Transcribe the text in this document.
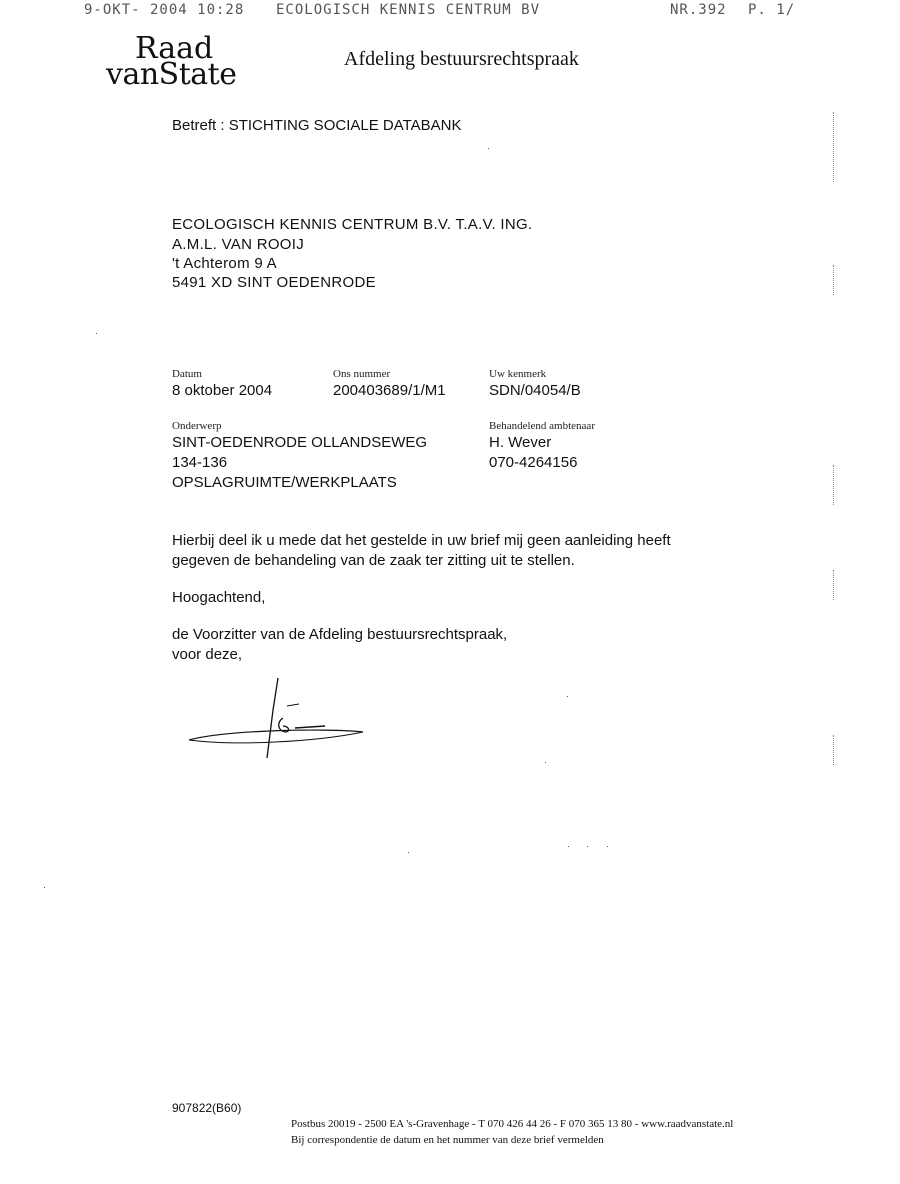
9-OKT- 2004 10:28 ECOLOGISCH KENNIS CENTRUM BV	NR.392 P. 1/
Raad
vanState	Afdeling bestuursrechtspraak
Betreft : STICHTING SOCIALE DATABANK
ECOLOGISCH KENNIS CENTRUM B.V. T.A.V. ING.
A.M.L. VAN ROOIJ
't Achterom 9 A
5491 XD SINT OEDENRODE
Datum
8 oktober 2004
Ons nummer
200403689/1/M1
Uw kenmerk
SDN/04054/B
Onderwerp
SINT-OEDENRODE OLLANDSEWEG
134-136
OPSLAGRUIMTE/WERKPLAATS
Behandelend ambtenaar
H. Wever
070-4264156
Hierbij deel ik u mede dat het gestelde in uw brief mij geen aanleiding heeft
gegeven de behandeling van de zaak ter zitting uit te stellen.
Hoogachtend,
de Voorzitter van de Afdeling bestuursrechtspraak,
voor deze,
907822(B60)
Postbus 20019 - 2500 EA 's-Gravenhage - T 070 426 44 26 - F 070 365 13 80 - www.raadvanstate.nl
Bij correspondentie de datum en het nummer van deze brief vermelden
